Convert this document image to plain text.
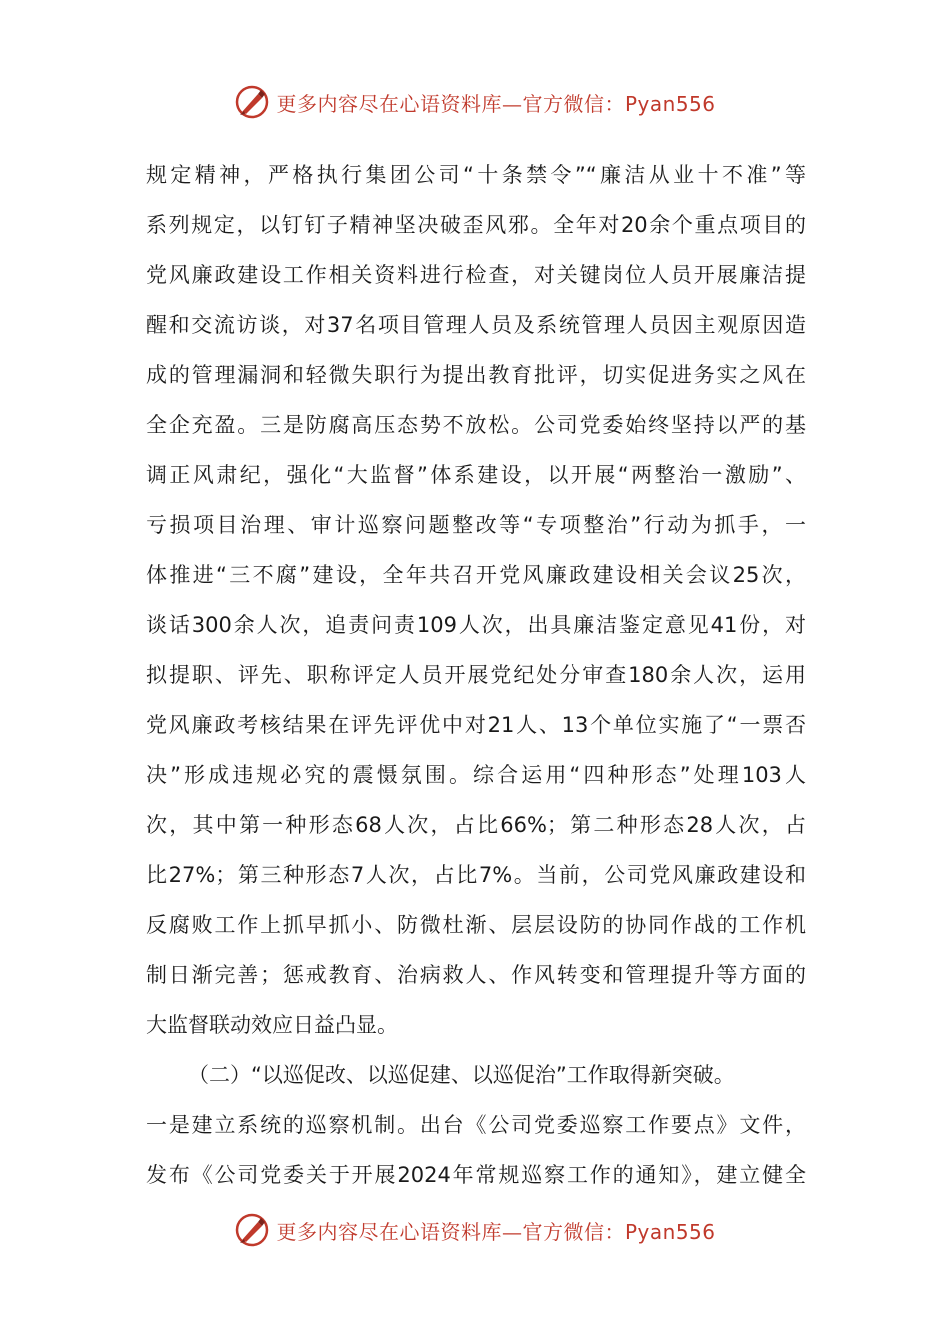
更多内容尽在心语资料库—官方微信：Pyan556
规定精神，严格执行集团公司“十条禁令”“廉洁从业十不准”等
系列规定，以钉钉子精神坚决破歪风邪。全年对20余个重点项目的
党风廉政建设工作相关资料进行检查，对关键岗位人员开展廉洁提
醒和交流访谈，对37名项目管理人员及系统管理人员因主观原因造
成的管理漏洞和轻微失职行为提出教育批评，切实促进务实之风在
全企充盈。三是防腐高压态势不放松。公司党委始终坚持以严的基
调正风肃纪，强化“大监督”体系建设，以开展“两整治一激励”、
亏损项目治理、审计巡察问题整改等“专项整治”行动为抓手，一
体推进“三不腐”建设，全年共召开党风廉政建设相关会议25次，
谈话300余人次，追责问责109人次，出具廉洁鉴定意见41份，对
拟提职、评先、职称评定人员开展党纪处分审查180余人次，运用
党风廉政考核结果在评先评优中对21人、13个单位实施了“一票否
决”形成违规必究的震慑氛围。综合运用“四种形态”处理103人
次，其中第一种形态68人次，占比66%；第二种形态28人次，占
比27%；第三种形态7人次，占比7%。当前，公司党风廉政建设和
反腐败工作上抓早抓小、防微杜渐、层层设防的协同作战的工作机
制日渐完善；惩戒教育、治病救人、作风转变和管理提升等方面的
大监督联动效应日益凸显。
（二）“以巡促改、以巡促建、以巡促治”工作取得新突破。
一是建立系统的巡察机制。出台《公司党委巡察工作要点》文件，
发布《公司党委关于开展2024年常规巡察工作的通知》，建立健全
更多内容尽在心语资料库—官方微信：Pyan556
